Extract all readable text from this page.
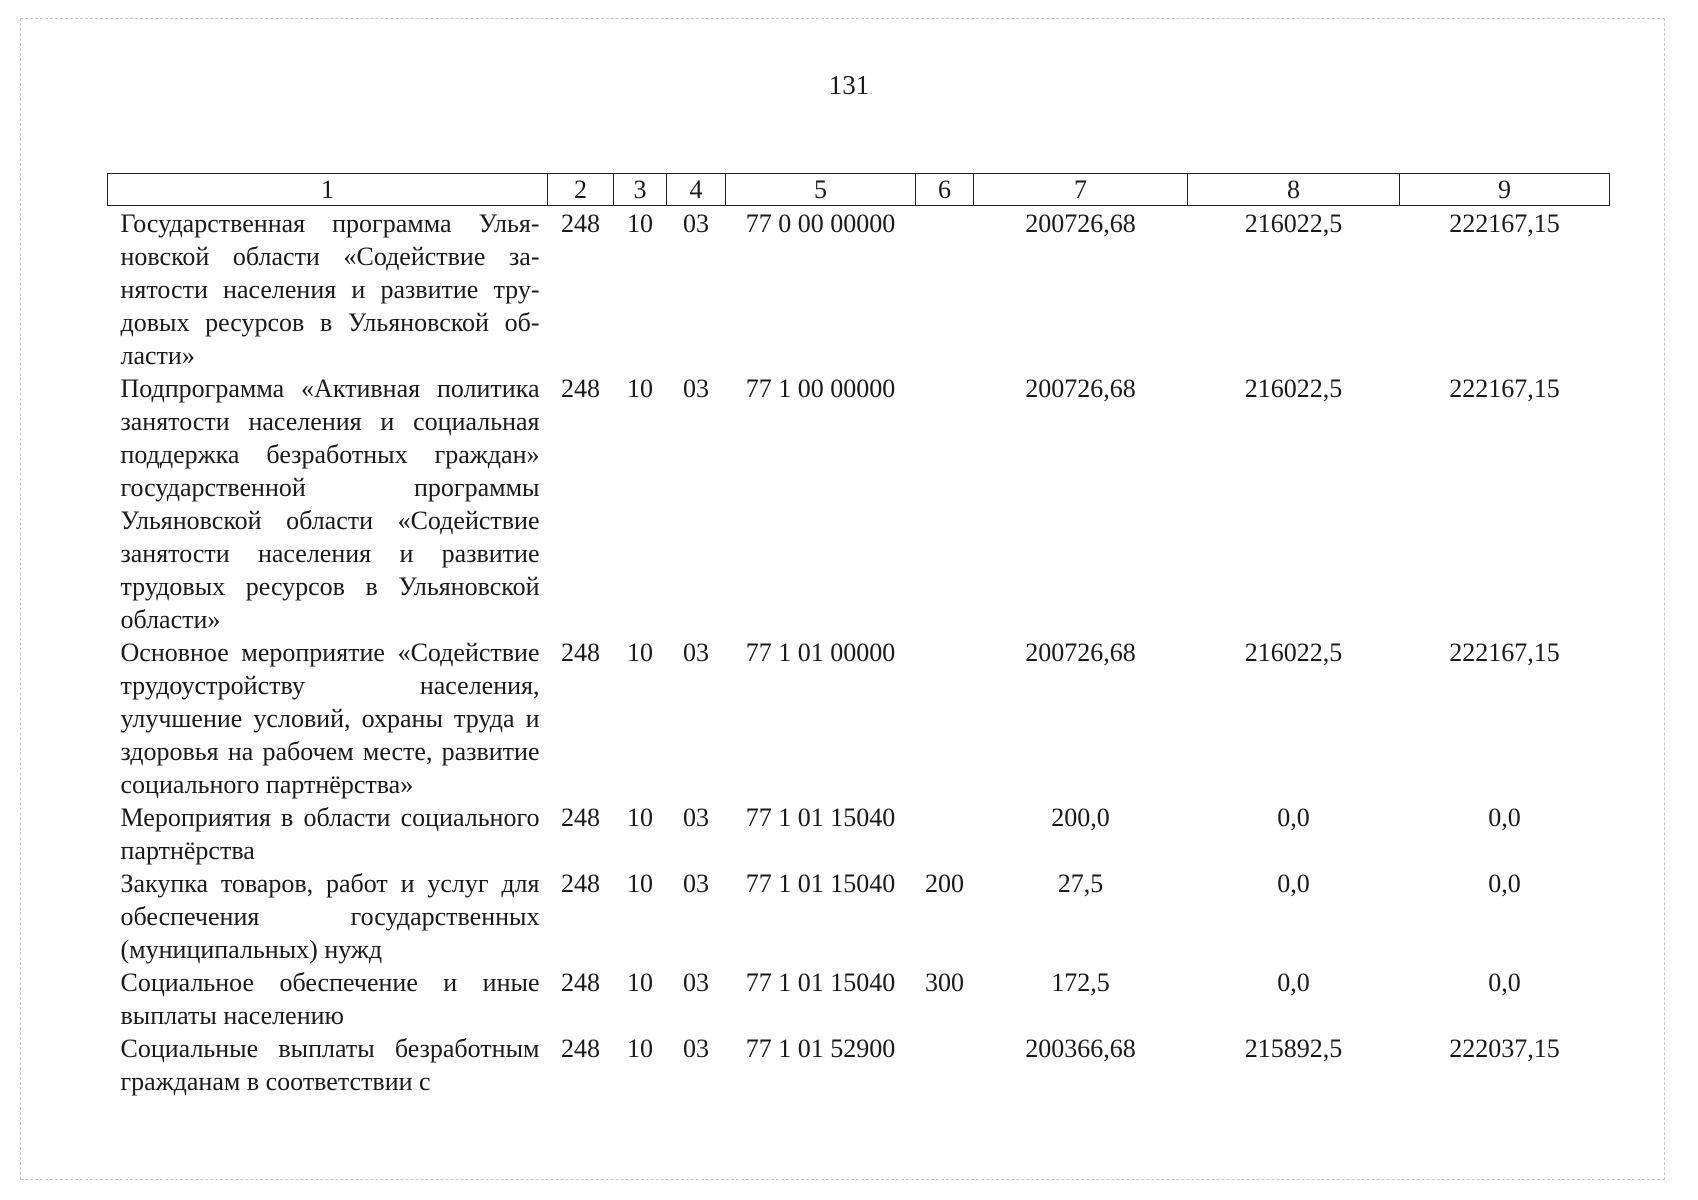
131
1	2	3	4	5	6	7	8	9
Государственная программа Ульяновской области «Содействие занятости населения и развитие трудовых ресурсов в Ульяновской области»	248	10	03	77 0 00 00000		200726,68	216022,5	222167,15
Подпрограмма «Активная политика занятости населения и социальная поддержка безработных граждан» государственной программы Ульяновской области «Содействие занятости населения и развитие трудовых ресурсов в Ульяновской области»	248	10	03	77 1 00 00000		200726,68	216022,5	222167,15
Основное мероприятие «Содействие трудоустройству населения, улучшение условий, охраны труда и здоровья на рабочем месте, развитие социального партнёрства»	248	10	03	77 1 01 00000		200726,68	216022,5	222167,15
Мероприятия в области социального партнёрства	248	10	03	77 1 01 15040		200,0	0,0	0,0
Закупка товаров, работ и услуг для обеспечения государственных (муниципальных) нужд	248	10	03	77 1 01 15040	200	27,5	0,0	0,0
Социальное обеспечение и иные выплаты населению	248	10	03	77 1 01 15040	300	172,5	0,0	0,0
Социальные выплаты безработным гражданам в соответствии с	248	10	03	77 1 01 52900		200366,68	215892,5	222037,15
